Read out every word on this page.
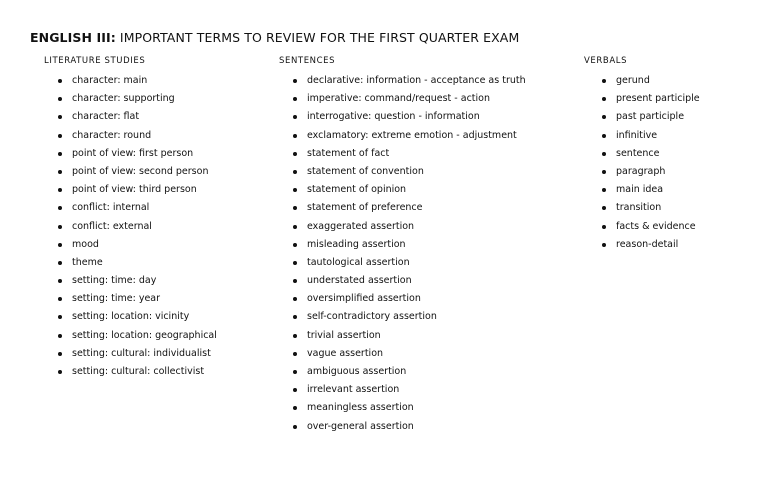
ENGLISH III: IMPORTANT TERMS TO REVIEW FOR THE FIRST QUARTER EXAM
LITERATURE STUDIES
character: main
character: supporting
character: flat
character: round
point of view: first person
point of view: second person
point of view: third person
conflict: internal
conflict: external
mood
theme
setting: time: day
setting: time: year
setting: location: vicinity
setting: location: geographical
setting: cultural: individualist
setting: cultural: collectivist
SENTENCES
declarative: information - acceptance as truth
imperative: command/request - action
interrogative: question - information
exclamatory: extreme emotion - adjustment
statement of fact
statement of convention
statement of opinion
statement of preference
exaggerated assertion
misleading assertion
tautological assertion
understated assertion
oversimplified assertion
self-contradictory assertion
trivial assertion
vague assertion
ambiguous assertion
irrelevant assertion
meaningless assertion
over-general assertion
VERBALS
gerund
present participle
past participle
infinitive
sentence
paragraph
main idea
transition
facts & evidence
reason-detail
